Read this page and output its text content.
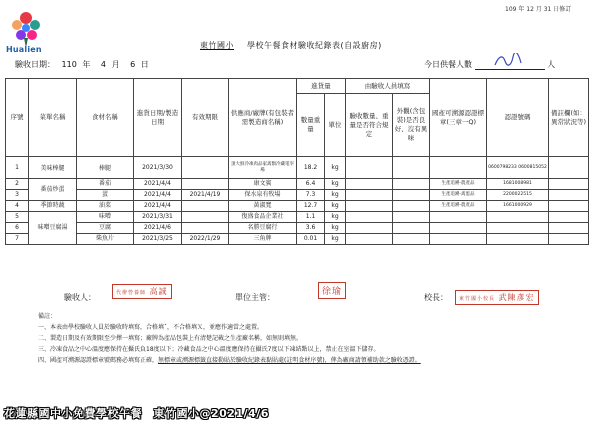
Hualien
109 年 12 月 31 日修訂
東竹國小 學校午餐食材驗收紀錄表(自設廚房)
驗收日期： 110 年 4 月 6 日	今日供餐人數	人
序號	菜單名稱	食材名稱	進貨日期/製造日期	有效期限	供應商/廠牌(有包裝者需製造商名稱)	進貨量		由驗收人員填寫		國產可溯源認證標章(三章一Q)	認證號碼	備註欄(如：異常狀況等)
						數量重量	單位	驗收數量、重量是否符合規定	外觀(含包裝)是否良好、沒有異味			
1	美味棒腿	棒腿	2021/3/30		頂大鮮冷凍肉品家禽類冷藏電宰場	18.2	kg				0600798233 0600815052	
2	番茄炒蛋	番茄	2021/4/4		康文賓	6.4	kg			生產追溯-農產品	1681008981	
3		蛋	2021/4/4	2021/4/19	保水泉有牧場	7.3	kg			生產追溯-禽蛋品	2200022515	
4	季節時蔬	油菜	2021/4/4		黃淑寬	12.7	kg			生產追溯-農產品	1661000929	
5	味噌豆腐湯	味噌	2021/3/31		復盛食品企業社	1.1	kg					
6		豆腐	2021/4/6		名勝豆腐行	3.6	kg					
7		柴魚片	2021/3/25	2022/1/29	三角牌	0.01	kg					
驗收人：	代辦營養師 高誠
單位主管：
徐瑜
校長：	東竹國小校長 武陳彥宏
備註：
一、本表由學校驗收人員於驗收時填寫，合格填ˇ，不合格填Ｘ，並應作適當之處置。
二、製造日期及有效期限至少擇一填寫；廠牌為產品包裝上有清楚記載之生產廠名稱，如無則填無。
三、冷凍食品之中心溫度應保持在攝氏負18度以下；冷藏食品之中心溫度應保持在攝氏7度以下凍結點以上，禁止在室溫下儲存。
四、國產可溯源認證標章號碼務必填寫正確，無標章或溯源標籤直接勒貼於驗收紀錄表黏貼處(註明食材序號)，俾為廠商請領補助款之驗收憑證。
花蓮縣國中小免費學校午餐　東竹國小@2021/4/6
